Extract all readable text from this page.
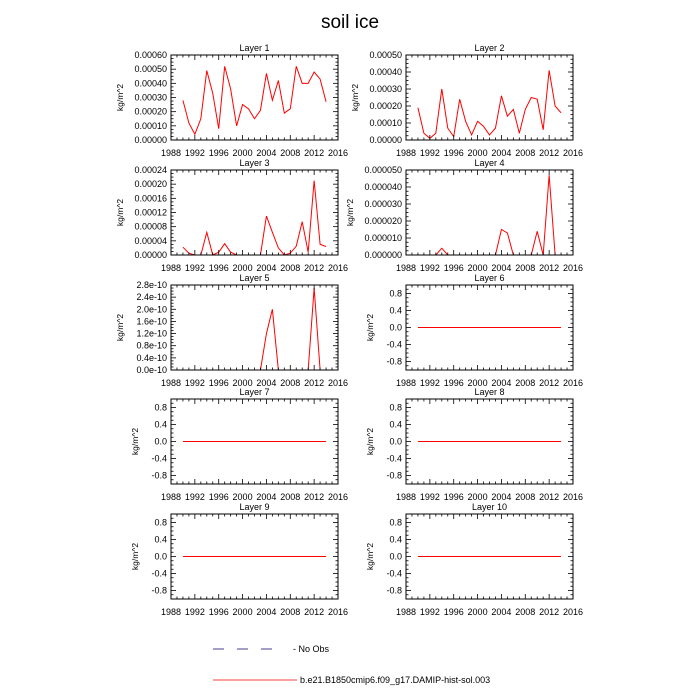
soil ice
Layer 1
1988 1992 1996 2000 2004 2008 2012 2016
0.00000
0.00010
0.00020
0.00030
0.00040
0.00050
0.00060
kg/m^2
Layer 2
1988 1992 1996 2000 2004 2008 2012 2016
0.00000
0.00010
0.00020
0.00030
0.00040
0.00050
kg/m^2
Layer 3
1988 1992 1996 2000 2004 2008 2012 2016
0.00000
0.00004
0.00008
0.00012
0.00016
0.00020
0.00024
kg/m^2
Layer 4
1988 1992 1996 2000 2004 2008 2012 2016
0.000000
0.000010
0.000020
0.000030
0.000040
0.000050
kg/m^2
Layer 5
1988 1992 1996 2000 2004 2008 2012 2016
0.0e-10
0.4e-10
0.8e-10
1.2e-10
1.6e-10
2.0e-10
2.4e-10
2.8e-10
kg/m^2
Layer 6
1988 1992 1996 2000 2004 2008 2012 2016
-0.8
-0.4
0.0
0.4
0.8
kg/m^2
Layer 7
1988 1992 1996 2000 2004 2008 2012 2016
-0.8
-0.4
0.0
0.4
0.8
kg/m^2
Layer 8
1988 1992 1996 2000 2004 2008 2012 2016
-0.8
-0.4
0.0
0.4
0.8
kg/m^2
Layer 9
1988 1992 1996 2000 2004 2008 2012 2016
-0.8
-0.4
0.0
0.4
0.8
kg/m^2
Layer 10
1988 1992 1996 2000 2004 2008 2012 2016
-0.8
-0.4
0.0
0.4
0.8
kg/m^2
- No Obs
b.e21.B1850cmip6.f09_g17.DAMIP-hist-sol.003
